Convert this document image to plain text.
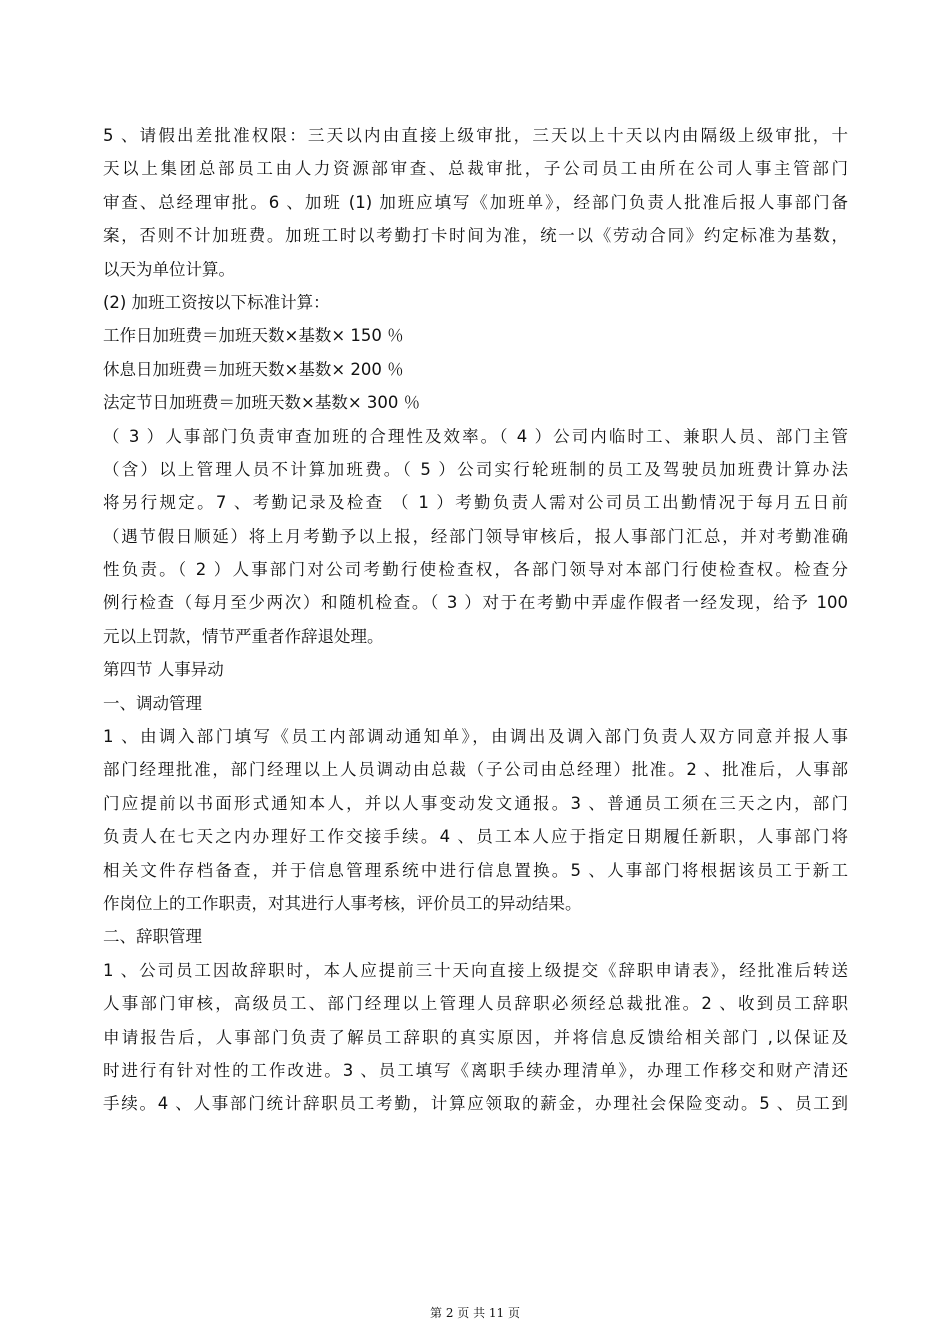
5 、请假出差批准权限：三天以内由直接上级审批，三天以上十天以内由隔级上级审批，十
天以上集团总部员工由人力资源部审查、总裁审批，子公司员工由所在公司人事主管部门
审查、总经理审批。6 、加班 (1) 加班应填写《加班单》，经部门负责人批准后报人事部门备
案，否则不计加班费。加班工时以考勤打卡时间为准，统一以《劳动合同》约定标准为基数，
以天为单位计算。
(2) 加班工资按以下标准计算：
工作日加班费＝加班天数×基数× 150 ％
休息日加班费＝加班天数×基数× 200 ％
法定节日加班费＝加班天数×基数× 300 ％
（ 3 ）人事部门负责审查加班的合理性及效率。（ 4 ）公司内临时工、兼职人员、部门主管
（含）以上管理人员不计算加班费。（ 5 ）公司实行轮班制的员工及驾驶员加班费计算办法
将另行规定。7 、考勤记录及检查 （ 1 ）考勤负责人需对公司员工出勤情况于每月五日前
（遇节假日顺延）将上月考勤予以上报，经部门领导审核后，报人事部门汇总，并对考勤准确
性负责。（ 2 ）人事部门对公司考勤行使检查权，各部门领导对本部门行使检查权。检查分
例行检查（每月至少两次）和随机检查。（ 3 ）对于在考勤中弄虚作假者一经发现，给予 100
元以上罚款，情节严重者作辞退处理。
第四节 人事异动
一、调动管理
1 、由调入部门填写《员工内部调动通知单》，由调出及调入部门负责人双方同意并报人事
部门经理批准，部门经理以上人员调动由总裁（子公司由总经理）批准。2 、批准后，人事部
门应提前以书面形式通知本人，并以人事变动发文通报。3 、普通员工须在三天之内，部门
负责人在七天之内办理好工作交接手续。4 、员工本人应于指定日期履任新职，人事部门将
相关文件存档备查，并于信息管理系统中进行信息置换。5 、人事部门将根据该员工于新工
作岗位上的工作职责，对其进行人事考核，评价员工的异动结果。
二、辞职管理
1 、公司员工因故辞职时，本人应提前三十天向直接上级提交《辞职申请表》，经批准后转送
人事部门审核，高级员工、部门经理以上管理人员辞职必须经总裁批准。2 、收到员工辞职
申请报告后，人事部门负责了解员工辞职的真实原因，并将信息反馈给相关部门 ,以保证及
时进行有针对性的工作改进。3 、员工填写《离职手续办理清单》，办理工作移交和财产清还
手续。4 、人事部门统计辞职员工考勤，计算应领取的薪金，办理社会保险变动。5 、员工到
第 2 页 共 11 页
